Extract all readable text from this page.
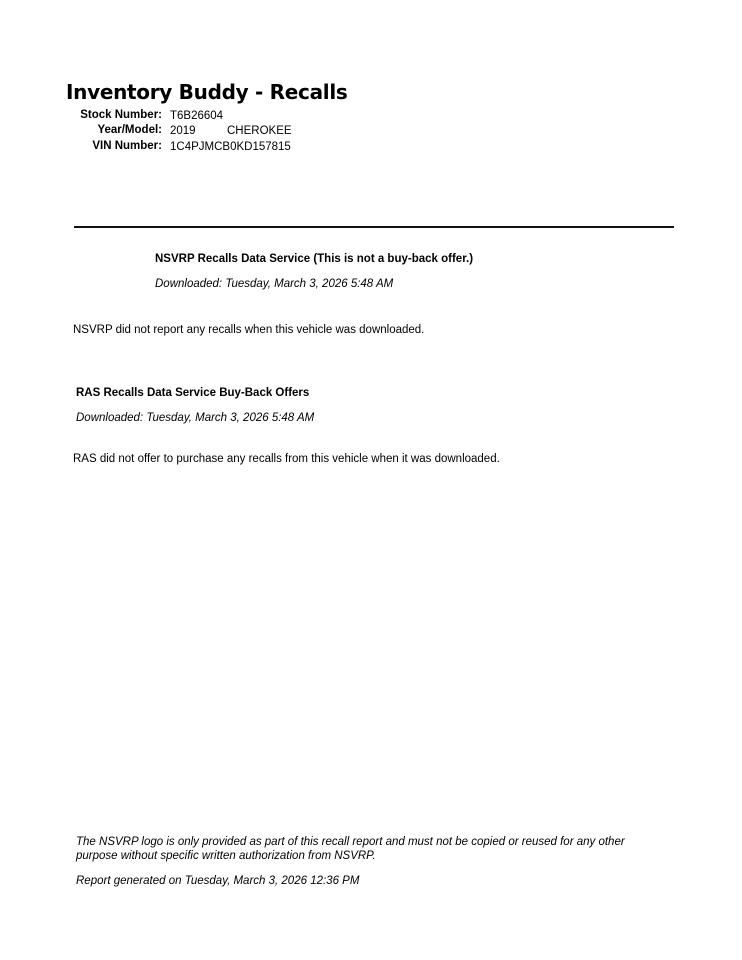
Inventory Buddy - Recalls
Stock Number: T6B26604
Year/Model: 2019	CHEROKEE
VIN Number: 1C4PJMCB0KD157815
NSVRP Recalls Data Service (This is not a buy-back offer.)
Downloaded: Tuesday, March 3, 2026 5:48 AM
NSVRP did not report any recalls when this vehicle was downloaded.
RAS Recalls Data Service Buy-Back Offers
Downloaded: Tuesday, March 3, 2026 5:48 AM
RAS did not offer to purchase any recalls from this vehicle when it was downloaded.
The NSVRP logo is only provided as part of this recall report and must not be copied or reused for any other
purpose without specific written authorization from NSVRP.
Report generated on Tuesday, March 3, 2026 12:36 PM
